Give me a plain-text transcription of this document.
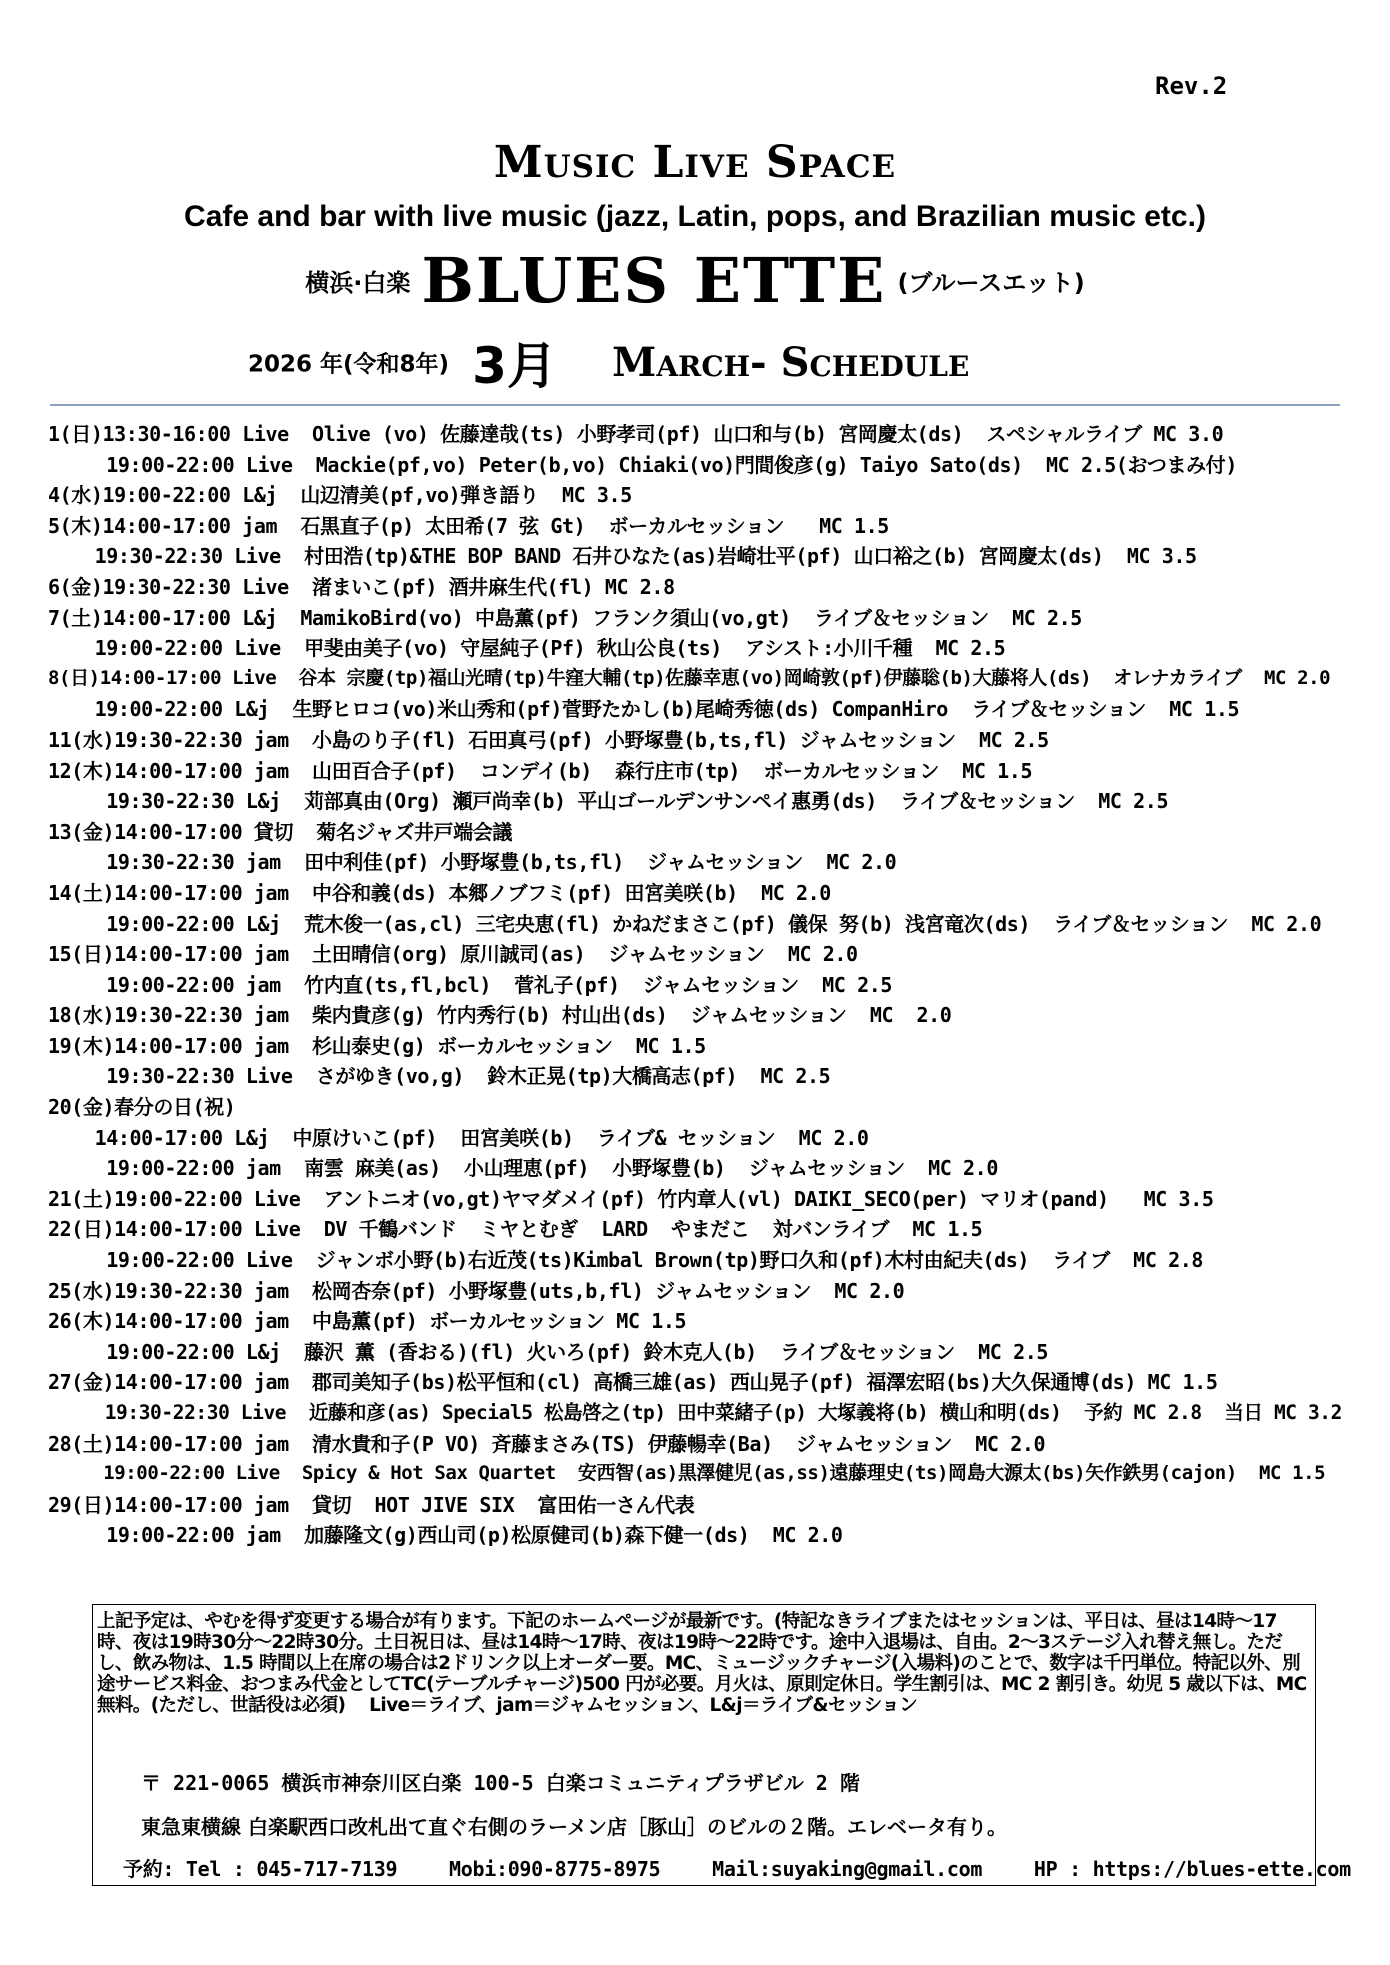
Rev.2
Music Live Space
Cafe and bar with live music (jazz, Latin, pops, and Brazilian music etc.)
横浜·白楽 BLUES ETTE (ブルースエット)
2026 年(令和8年) 3月 March- Schedule
1(日)13:30-16:00 Live  Olive (vo) 佐藤達哉(ts) 小野孝司(pf) 山口和与(b) 宮岡慶太(ds)  スペシャルライブ MC 3.0
19:00-22:00 Live  Mackie(pf,vo) Peter(b,vo) Chiaki(vo)門間俊彦(g) Taiyo Sato(ds)  MC 2.5(おつまみ付)
4(水)19:00-22:00 L&j  山辺清美(pf,vo)弾き語り  MC 3.5
5(木)14:00-17:00 jam  石黒直子(p) 太田希(7 弦 Gt)  ボーカルセッション   MC 1.5
19:30-22:30 Live  村田浩(tp)&THE BOP BAND 石井ひなた(as)岩崎壮平(pf) 山口裕之(b) 宮岡慶太(ds)  MC 3.5
6(金)19:30-22:30 Live  渚まいこ(pf) 酒井麻生代(fl) MC 2.8
7(土)14:00-17:00 L&j  MamikoBird(vo) 中島薫(pf) フランク須山(vo,gt)  ライブ＆セッション  MC 2.5
19:00-22:00 Live  甲斐由美子(vo) 守屋純子(Pf) 秋山公良(ts)  アシスト:小川千種  MC 2.5
8(日)14:00-17:00 Live  谷本 宗慶(tp)福山光晴(tp)牛窪大輔(tp)佐藤幸恵(vo)岡崎敦(pf)伊藤聡(b)大藤将人(ds)  オレナカライブ  MC 2.0
19:00-22:00 L&j  生野ヒロコ(vo)米山秀和(pf)菅野たかし(b)尾崎秀徳(ds) CompanHiro  ライブ＆セッション  MC 1.5
11(水)19:30-22:30 jam  小島のり子(fl) 石田真弓(pf) 小野塚豊(b,ts,fl) ジャムセッション  MC 2.5
12(木)14:00-17:00 jam  山田百合子(pf)  コンデイ(b)  森行庄市(tp)  ボーカルセッション  MC 1.5
19:30-22:30 L&j  苅部真由(Org) 瀬戸尚幸(b) 平山ゴールデンサンペイ惠勇(ds)  ライブ＆セッション  MC 2.5
13(金)14:00-17:00 貸切  菊名ジャズ井戸端会議
19:30-22:30 jam  田中利佳(pf) 小野塚豊(b,ts,fl)  ジャムセッション  MC 2.0
14(土)14:00-17:00 jam  中谷和義(ds) 本郷ノブフミ(pf) 田宮美咲(b)  MC 2.0
19:00-22:00 L&j  荒木俊一(as,cl) 三宅央恵(fl) かねだまさこ(pf) 儀保 努(b) 浅宮竜次(ds)  ライブ＆セッション  MC 2.0
15(日)14:00-17:00 jam  土田晴信(org) 原川誠司(as)  ジャムセッション  MC 2.0
19:00-22:00 jam  竹内直(ts,fl,bcl)  菅礼子(pf)  ジャムセッション  MC 2.5
18(水)19:30-22:30 jam  柴内貴彦(g) 竹内秀行(b) 村山出(ds)  ジャムセッション  MC  2.0
19(木)14:00-17:00 jam  杉山泰史(g) ボーカルセッション  MC 1.5
19:30-22:30 Live  さがゆき(vo,g)  鈴木正晃(tp)大橋高志(pf)  MC 2.5
20(金)春分の日(祝)
14:00-17:00 L&j  中原けいこ(pf)  田宮美咲(b)  ライブ& セッション  MC 2.0
19:00-22:00 jam  南雲 麻美(as)  小山理恵(pf)  小野塚豊(b)  ジャムセッション  MC 2.0
21(土)19:00-22:00 Live  アントニオ(vo,gt)ヤマダメイ(pf) 竹内章人(vl) DAIKI_SECO(per) マリオ(pand)   MC 3.5
22(日)14:00-17:00 Live  DV 千鶴バンド  ミヤとむぎ  LARD  やまだこ  対バンライブ  MC 1.5
19:00-22:00 Live  ジャンボ小野(b)右近茂(ts)Kimbal Brown(tp)野口久和(pf)木村由紀夫(ds)  ライブ  MC 2.8
25(水)19:30-22:30 jam  松岡杏奈(pf) 小野塚豊(uts,b,fl) ジャムセッション  MC 2.0
26(木)14:00-17:00 jam  中島薫(pf) ボーカルセッション MC 1.5
19:00-22:00 L&j  藤沢 薫 (香おる)(fl) 火いろ(pf) 鈴木克人(b)  ライブ＆セッション  MC 2.5
27(金)14:00-17:00 jam  郡司美知子(bs)松平恒和(cl) 高橋三雄(as) 西山晃子(pf) 福澤宏昭(bs)大久保通博(ds) MC 1.5
19:30-22:30 Live  近藤和彦(as) Special5 松島啓之(tp) 田中菜緒子(p) 大塚義将(b) 横山和明(ds)  予約 MC 2.8  当日 MC 3.2
28(土)14:00-17:00 jam  清水貴和子(P VO) 斉藤まさみ(TS) 伊藤暢幸(Ba)  ジャムセッション  MC 2.0
19:00-22:00 Live  Spicy & Hot Sax Quartet  安西智(as)黒澤健児(as,ss)遠藤理史(ts)岡島大源太(bs)矢作鉄男(cajon)  MC 1.5
29(日)14:00-17:00 jam  貸切  HOT JIVE SIX  富田佑一さん代表
19:00-22:00 jam  加藤隆文(g)西山司(p)松原健司(b)森下健一(ds)  MC 2.0
上記予定は、やむを得ず変更する場合が有ります。下記のホームページが最新です。(特記なきライブまたはセッションは、平日は、昼は14時～17時、夜は19時30分～22時30分。土日祝日は、昼は14時～17時、夜は19時～22時です。途中入退場は、自由。2～3ステージ入れ替え無し。ただし、飲み物は、1.5 時間以上在席の場合は2ドリンク以上オーダー要。MC、ミュージックチャージ(入場料)のことで、数字は千円単位。特記以外、別途サービス料金、おつまみ代金としてTC(テーブルチャージ)500 円が必要。月火は、原則定休日。学生割引は、MC 2 割引き。幼児 5 歳以下は、MC 無料。(ただし、世話役は必須)　 Live＝ライブ、jam＝ジャムセッション、L&j＝ライブ&セッション
〒 221-0065 横浜市神奈川区白楽 100-5 白楽コミュニティプラザビル 2 階
東急東横線 白楽駅西口改札出て直ぐ右側のラーメン店［豚山］のビルの２階。エレベータ有り。
予約: Tel : 045-717-7139	Mobi:090-8775-8975	Mail:suyaking@gmail.com	HP : https://blues-ette.com
